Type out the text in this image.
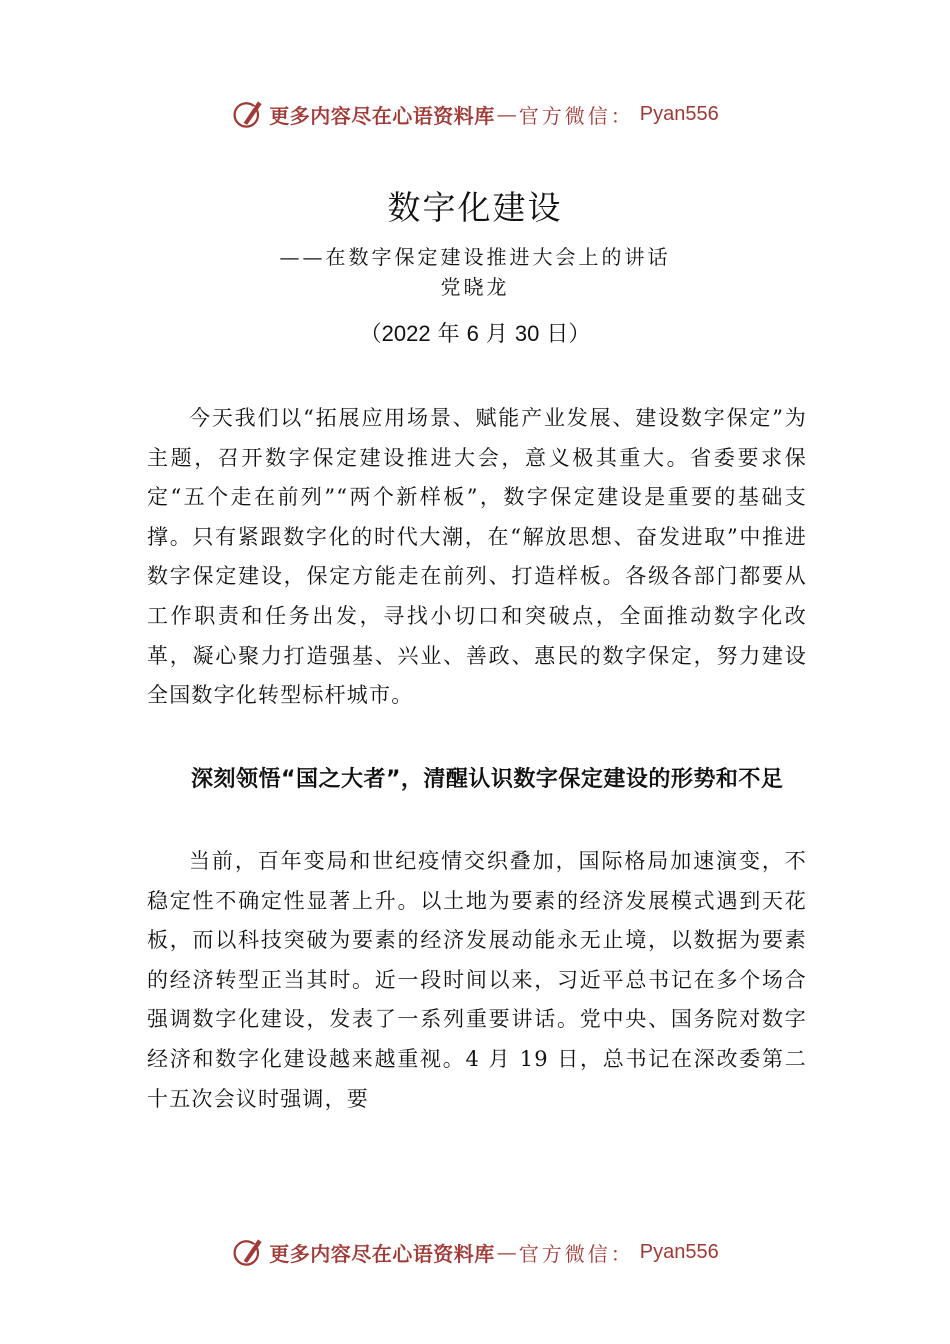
更多内容尽在心语资料库 — 官方微信： Pyan556
数字化建设
——在数字保定建设推进大会上的讲话党晓龙
（2022 年 6 月 30 日）
今天我们以“拓展应用场景、赋能产业发展、建设数字保定”为主题，召开数字保定建设推进大会，意义极其重大。省委要求保定“五个走在前列”“两个新样板”，数字保定建设是重要的基础支撑。只有紧跟数字化的时代大潮，在“解放思想、奋发进取”中推进数字保定建设，保定方能走在前列、打造样板。各级各部门都要从工作职责和任务出发，寻找小切口和突破点，全面推动数字化改革，凝心聚力打造强基、兴业、善政、惠民的数字保定，努力建设全国数字化转型标杆城市。
深刻领悟“国之大者”，清醒认识数字保定建设的形势和不足
当前，百年变局和世纪疫情交织叠加，国际格局加速演变，不稳定性不确定性显著上升。以土地为要素的经济发展模式遇到天花板，而以科技突破为要素的经济发展动能永无止境，以数据为要素的经济转型正当其时。近一段时间以来，习近平总书记在多个场合强调数字化建设，发表了一系列重要讲话。党中央、国务院对数字经济和数字化建设越来越重视。4 月 19 日，总书记在深改委第二十五次会议时强调，要
更多内容尽在心语资料库 — 官方微信： Pyan556
